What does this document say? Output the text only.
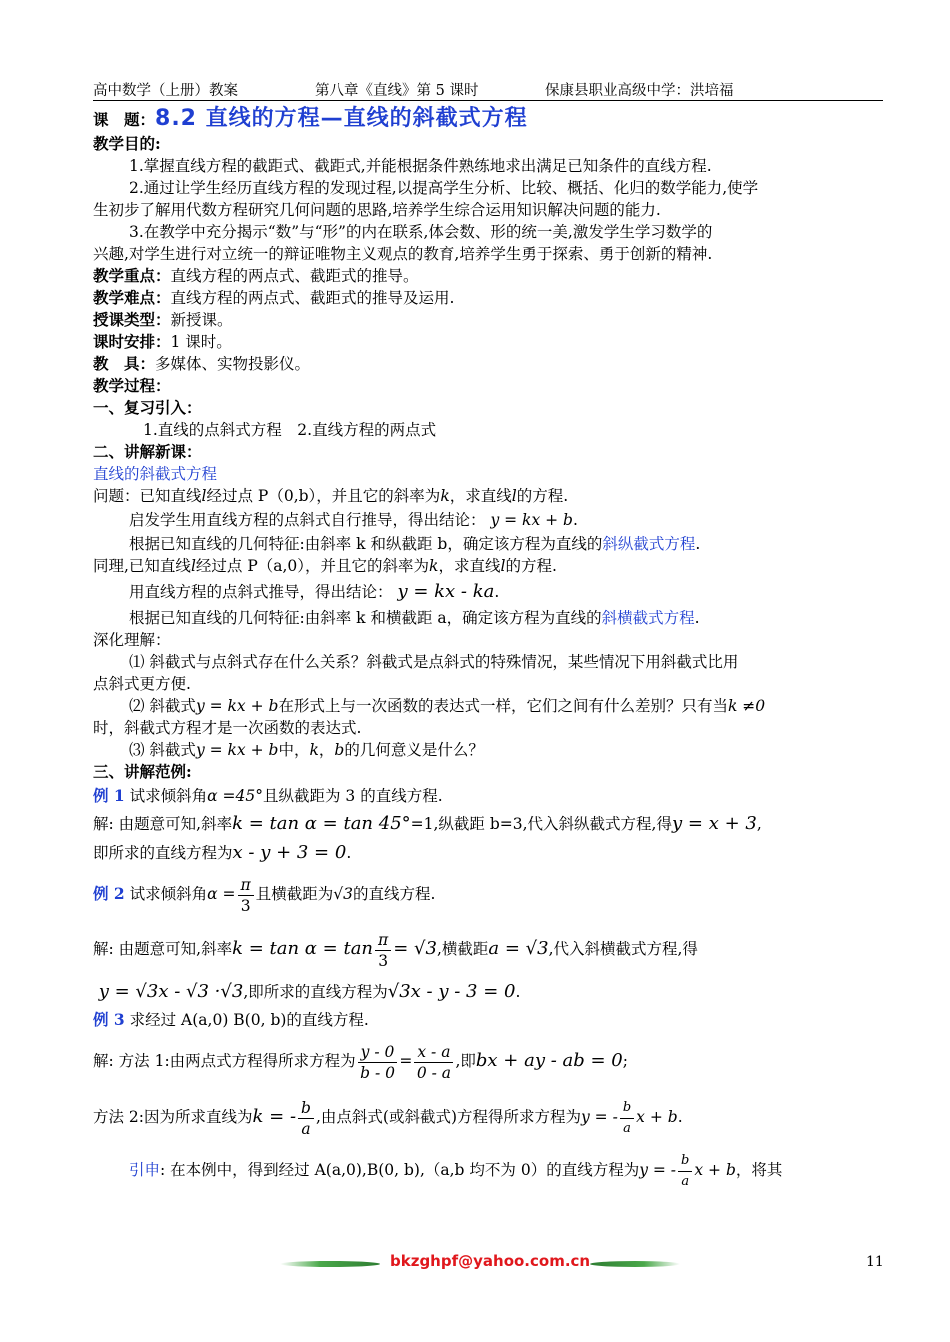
高中数学（上册）教案	第八章《直线》第 5 课时	保康县职业高级中学：洪培福
课　题：8.2 直线的方程—直线的斜截式方程
教学目的:
1.掌握直线方程的截距式、截距式,并能根据条件熟练地求出满足已知条件的直线方程.
2.通过让学生经历直线方程的发现过程,以提高学生分析、比较、概括、化归的数学能力,使学
生初步了解用代数方程研究几何问题的思路,培养学生综合运用知识解决问题的能力.
3.在教学中充分揭示“数”与“形”的内在联系,体会数、形的统一美,激发学生学习数学的
兴趣,对学生进行对立统一的辩证唯物主义观点的教育,培养学生勇于探索、勇于创新的精神.
教学重点：直线方程的两点式、截距式的推导。
教学难点：直线方程的两点式、截距式的推导及运用.
授课类型：新授课。
课时安排：1 课时。
教　具：多媒体、实物投影仪。
教学过程：
一、复习引入：
1.直线的点斜式方程　2.直线方程的两点式
二、讲解新课：
直线的斜截式方程
问题：已知直线l经过点 P（0,b），并且它的斜率为k，求直线l的方程.
启发学生用直线方程的点斜式自行推导，得出结论： y = kx + b.
根据已知直线的几何特征:由斜率 k 和纵截距 b，确定该方程为直线的斜纵截式方程.
同理,已知直线l经过点 P（a,0），并且它的斜率为k，求直线l的方程.
用直线方程的点斜式推导，得出结论： y = kx - ka.
根据已知直线的几何特征:由斜率 k 和横截距 a，确定该方程为直线的斜横截式方程.
深化理解：
⑴ 斜截式与点斜式存在什么关系？斜截式是点斜式的特殊情况，某些情况下用斜截式比用
点斜式更方便.
⑵ 斜截式y = kx + b在形式上与一次函数的表达式一样，它们之间有什么差别？只有当k ≠0
时，斜截式方程才是一次函数的表达式.
⑶ 斜截式y = kx + b中，k，b的几何意义是什么？
三、讲解范例:
例 1 试求倾斜角α =45°且纵截距为 3 的直线方程.
解: 由题意可知,斜率k = tan α = tan 45°=1,纵截距 b=3,代入斜纵截式方程,得y = x + 3,
即所求的直线方程为x - y + 3 = 0.
例 2 试求倾斜角$\alpha = \frac{\pi}{3}$ 且横截距为√3的直线方程.
解: 由题意可知,斜率$k = \tan \alpha = \tan \frac{\pi}{3} = √3$,横截距a = √3,代入斜横截式方程,得
y = √3x - √3 ·√3,即所求的直线方程为√3x - y - 3 = 0.
例 3 求经过 A(a,0) B(0, b)的直线方程.
解: 方法 1:由两点式方程得所求方程为 $\frac{y - 0}{b - 0} = \frac{x - a}{0 - a}$ ,即bx + ay - ab = 0;
方法 2:因为所求直线为k = - $\frac{b}{a}$ ,由点斜式(或斜截式)方程得所求方程为y = - $\frac{b}{a}$ x + b.
引申: 在本例中，得到经过 A(a,0),B(0, b),（a,b 均不为 0）的直线方程为y = - $\frac{b}{a}$ x + b，将其
bkzghpf@yahoo.com.cn	11
